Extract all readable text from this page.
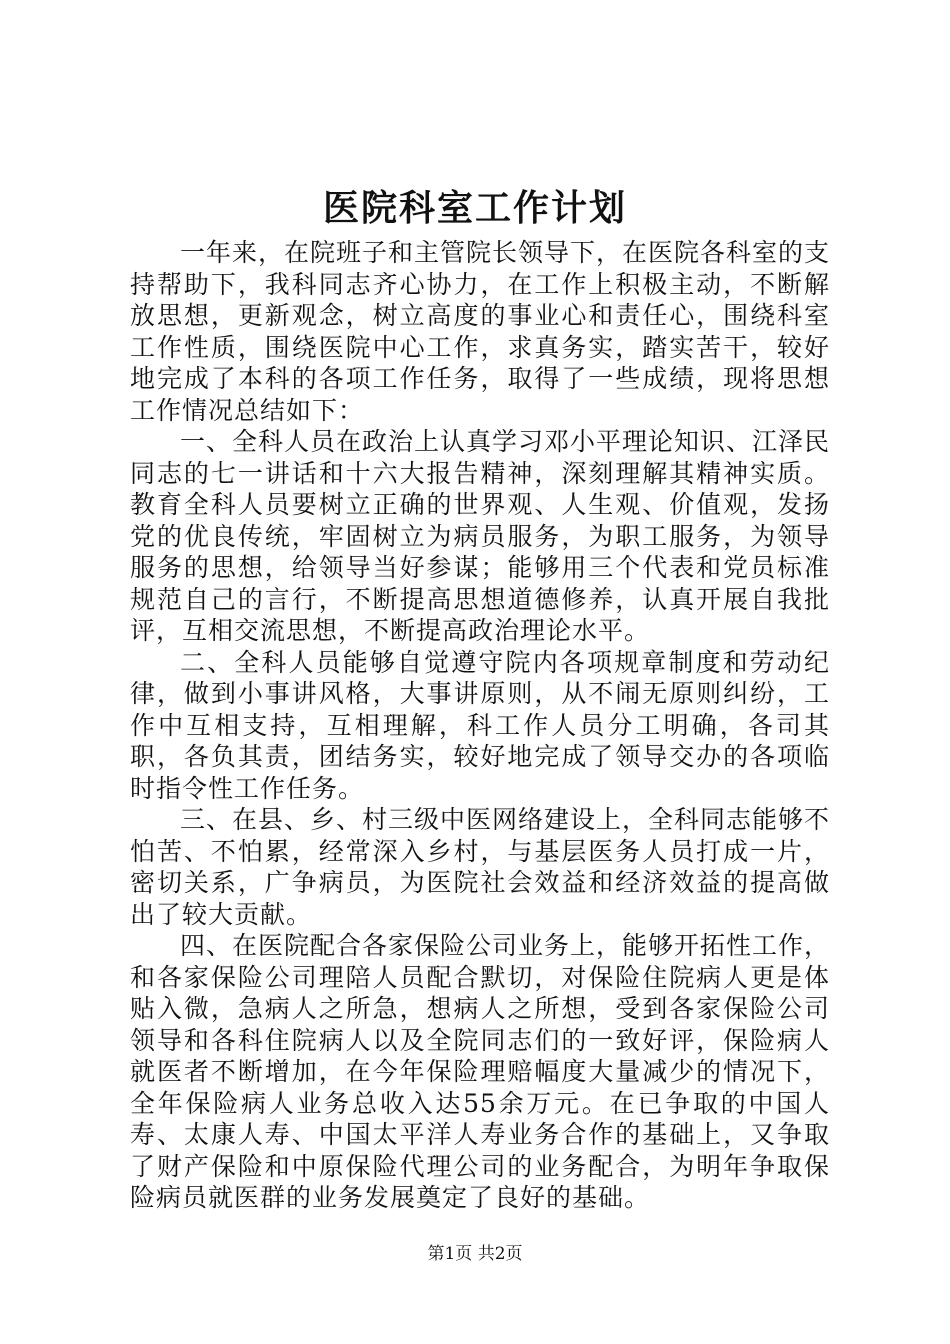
医院科室工作计划

一年来，在院班子和主管院长领导下，在医院各科室的支持帮助下，我科同志齐心协力，在工作上积极主动，不断解放思想，更新观念，树立高度的事业心和责任心，围绕科室工作性质，围绕医院中心工作，求真务实，踏实苦干，较好地完成了本科的各项工作任务，取得了一些成绩，现将思想工作情况总结如下：

一、全科人员在政治上认真学习邓小平理论知识、江泽民同志的七一讲话和十六大报告精神，深刻理解其精神实质。教育全科人员要树立正确的世界观、人生观、价值观，发扬党的优良传统，牢固树立为病员服务，为职工服务，为领导服务的思想，给领导当好参谋；能够用三个代表和党员标准规范自己的言行，不断提高思想道德修养，认真开展自我批评，互相交流思想，不断提高政治理论水平。

二、全科人员能够自觉遵守院内各项规章制度和劳动纪律，做到小事讲风格，大事讲原则，从不闹无原则纠纷，工作中互相支持，互相理解，科工作人员分工明确，各司其职，各负其责，团结务实，较好地完成了领导交办的各项临时指令性工作任务。

三、在县、乡、村三级中医网络建设上，全科同志能够不怕苦、不怕累，经常深入乡村，与基层医务人员打成一片，密切关系，广争病员，为医院社会效益和经济效益的提高做出了较大贡献。

四、在医院配合各家保险公司业务上，能够开拓性工作，和各家保险公司理陪人员配合默切，对保险住院病人更是体贴入微，急病人之所急，想病人之所想，受到各家保险公司领导和各科住院病人以及全院同志们的一致好评，保险病人就医者不断增加，在今年保险理赔幅度大量减少的情况下，全年保险病人业务总收入达55余万元。在已争取的中国人寿、太康人寿、中国太平洋人寿业务合作的基础上，又争取了财产保险和中原保险代理公司的业务配合，为明年争取保险病员就医群的业务发展奠定了良好的基础。

第1页 共2页
